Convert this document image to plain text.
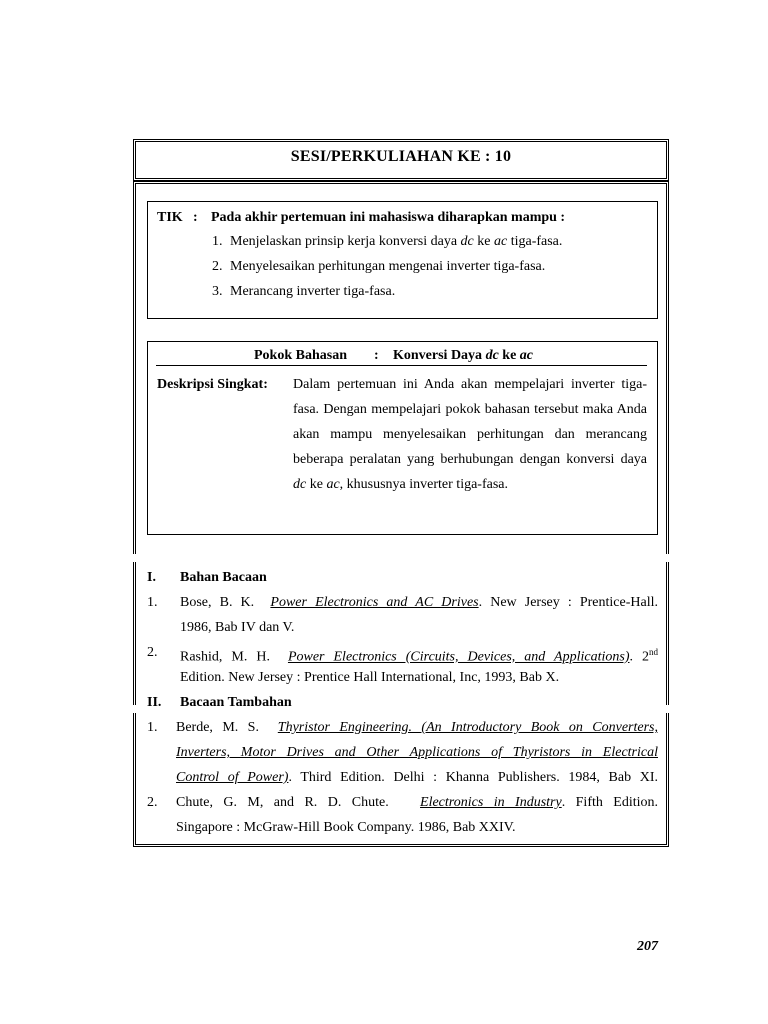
SESI/PERKULIAHAN KE : 10
TIK : Pada akhir pertemuan ini mahasiswa diharapkan mampu :
1. Menjelaskan prinsip kerja konversi daya dc ke ac tiga-fasa.
2. Menyelesaikan perhitungan mengenai inverter tiga-fasa.
3. Merancang inverter tiga-fasa.
Pokok Bahasan : Konversi Daya dc ke ac
Deskripsi Singkat: Dalam pertemuan ini Anda akan mempelajari inverter tiga-fasa. Dengan mempelajari pokok bahasan tersebut maka Anda akan mampu menyelesaikan perhitungan dan merancang beberapa peralatan yang berhubungan dengan konversi daya dc ke ac, khususnya inverter tiga-fasa.
I. Bahan Bacaan
1. Bose, B. K. Power Electronics and AC Drives. New Jersey : Prentice-Hall.
1986, Bab IV dan V.
2. Rashid, M. H. Power Electronics (Circuits, Devices, and Applications). 2nd
Edition. New Jersey : Prentice Hall International, Inc, 1993, Bab X.
II. Bacaan Tambahan
1. Berde, M. S. Thyristor Engineering. (An Introductory Book on Converters,
Inverters, Motor Drives and Other Applications of Thyristors in Electrical
Control of Power). Third Edition. Delhi : Khanna Publishers. 1984, Bab XI.
2. Chute, G. M, and R. D. Chute. Electronics in Industry. Fifth Edition.
Singapore : McGraw-Hill Book Company. 1986, Bab XXIV.
207
